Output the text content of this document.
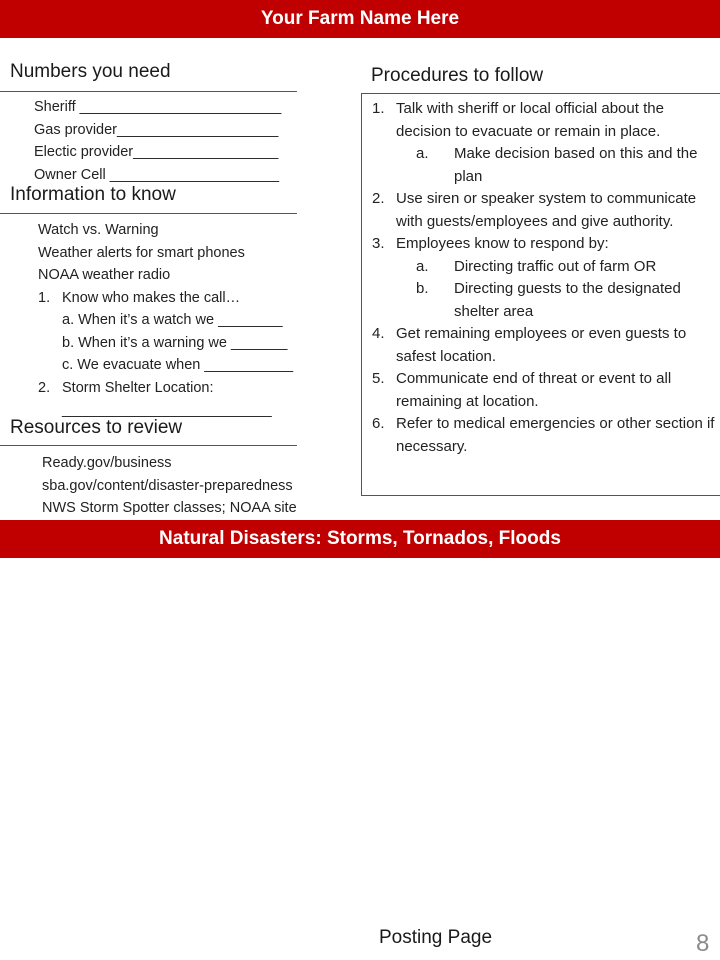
Your Farm Name Here
Numbers you need
Sheriff _________________________
Gas provider____________________
Electic provider__________________
Owner Cell _____________________
Information to know
Watch vs. Warning
Weather alerts for smart phones
NOAA weather radio
1. Know who makes the call…
a. When it’s a watch we ________
b. When it’s a warning we _______
c. We evacuate when ___________
2. Storm Shelter Location:
__________________________
Resources to review
Ready.gov/business
sba.gov/content/disaster-preparedness
NWS Storm Spotter classes; NOAA site
Procedures to follow
1. Talk with sheriff or local official about the decision to evacuate or remain in place.
a.	Make decision based on this and the plan
2. Use siren or speaker system to communicate with guests/employees and give authority.
3. Employees know to respond by:
a.	Directing traffic out of farm OR
b.	Directing guests to the designated shelter area
4. Get remaining employees or even guests to safest location.
5. Communicate end of threat or event to all remaining at location.
6. Refer to medical emergencies or other section if necessary.
Natural Disasters: Storms, Tornados, Floods
Posting Page	8
